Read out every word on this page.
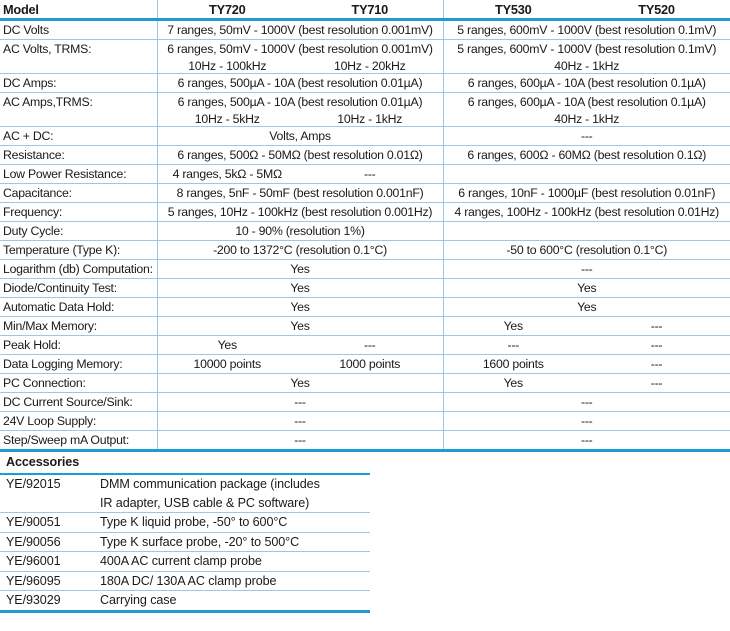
Model	TY720	TY710	TY530	TY520
DC Volts	7 ranges, 50mV - 1000V (best resolution 0.001mV)		5 ranges, 600mV - 1000V (best resolution 0.1mV)	
AC Volts, TRMS:	6 ranges, 50mV - 1000V (best resolution 0.001mV)		5 ranges, 600mV - 1000V (best resolution 0.1mV)	
	10Hz - 100kHz	10Hz - 20kHz	40Hz - 1kHz	
DC Amps:	6 ranges, 500µA - 10A (best resolution 0.01µA)		6 ranges, 600µA - 10A (best resolution 0.1µA)	
AC Amps,TRMS:	6 ranges, 500µA - 10A (best resolution 0.01µA)		6 ranges, 600µA - 10A (best resolution 0.1µA)	
	10Hz - 5kHz	10Hz - 1kHz	40Hz - 1kHz	
AC + DC:	Volts, Amps		---	
Resistance:	6 ranges, 500Ω - 50MΩ (best resolution 0.01Ω)		6 ranges, 600Ω - 60MΩ (best resolution 0.1Ω)	
Low Power Resistance:	4 ranges, 5kΩ - 5MΩ	---		
Capacitance:	8 ranges, 5nF - 50mF (best resolution 0.001nF)		6 ranges, 10nF - 1000µF (best resolution 0.01nF)	
Frequency:	5 ranges, 10Hz - 100kHz (best resolution 0.001Hz)		4 ranges, 100Hz - 100kHz (best resolution 0.01Hz)	
Duty Cycle:	10 - 90% (resolution 1%)			
Temperature (Type K):	-200 to 1372°C (resolution 0.1°C)		-50 to 600°C (resolution 0.1°C)	
Logarithm (db) Computation:	Yes		---	
Diode/Continuity Test:	Yes		Yes	
Automatic Data Hold:	Yes		Yes	
Min/Max Memory:	Yes		Yes	---
Peak Hold:	Yes	---	---	---
Data Logging Memory:	10000 points	1000 points	1600 points	---
PC Connection:	Yes		Yes	---
DC Current Source/Sink:	---		---	
24V Loop Supply:	---		---	
Step/Sweep mA Output:	---		---	
Accessories	
YE/92015	DMM communication package (includes
	IR adapter, USB cable & PC software)
YE/90051	Type K liquid probe, -50° to 600°C
YE/90056	Type K surface probe, -20° to 500°C
YE/96001	400A AC current clamp probe
YE/96095	180A DC/ 130A AC clamp probe
YE/93029	Carrying case
